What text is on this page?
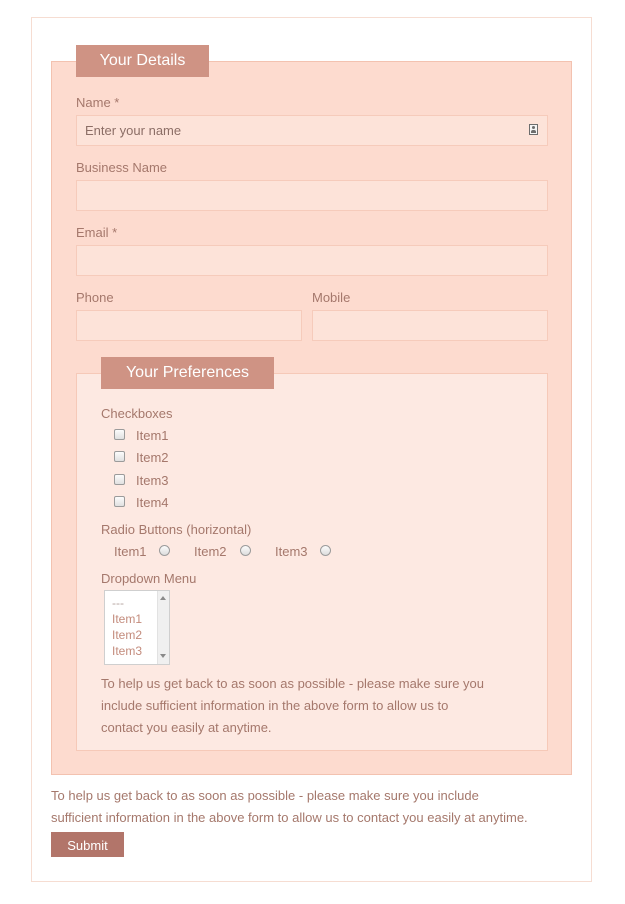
Your Details
Name *
Enter your name
Business Name
Email *
Phone	Mobile
Your Preferences
Checkboxes
Item1
Item2
Item3
Item4
Radio Buttons (horizontal)
Item1	Item2	Item3
Dropdown Menu
---
Item1
Item2
Item3
To help us get back to as soon as possible - please make sure you
include sufficient information in the above form to allow us to
contact you easily at anytime.
To help us get back to as soon as possible - please make sure you include
sufficient information in the above form to allow us to contact you easily at anytime.
Submit
